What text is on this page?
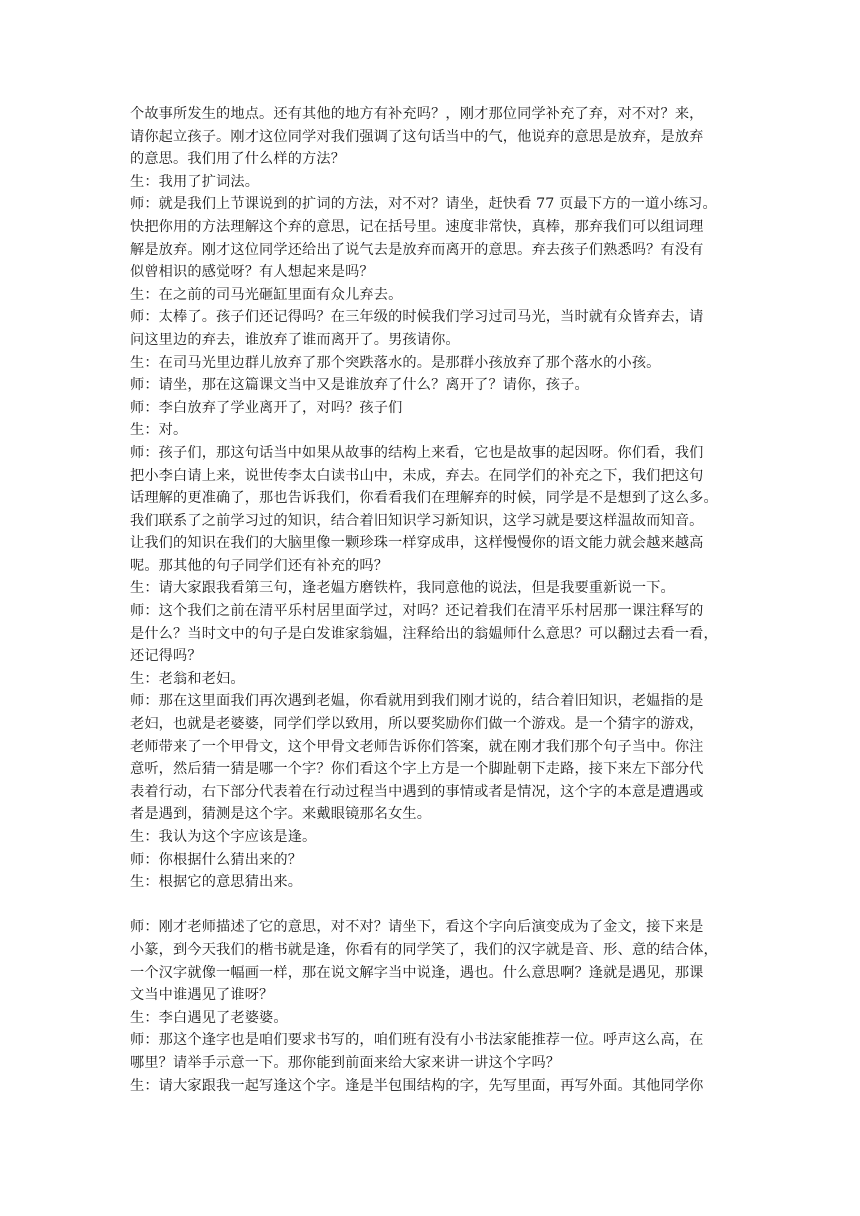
个故事所发生的地点。还有其他的地方有补充吗？，刚才那位同学补充了弃，对不对？来，
请你起立孩子。刚才这位同学对我们强调了这句话当中的气，他说弃的意思是放弃，是放弃
的意思。我们用了什么样的方法？
生：我用了扩词法。
师：就是我们上节课说到的扩词的方法，对不对？请坐，赶快看 77 页最下方的一道小练习。
快把你用的方法理解这个弃的意思，记在括号里。速度非常快，真棒，那弃我们可以组词理
解是放弃。刚才这位同学还给出了说气去是放弃而离开的意思。弃去孩子们熟悉吗？有没有
似曾相识的感觉呀？有人想起来是吗？
生：在之前的司马光砸缸里面有众儿弃去。
师：太棒了。孩子们还记得吗？在三年级的时候我们学习过司马光，当时就有众皆弃去，请
问这里边的弃去，谁放弃了谁而离开了。男孩请你。
生：在司马光里边群儿放弃了那个突跌落水的。是那群小孩放弃了那个落水的小孩。
师：请坐，那在这篇课文当中又是谁放弃了什么？离开了？请你，孩子。
师：李白放弃了学业离开了，对吗？孩子们
生：对。
师：孩子们，那这句话当中如果从故事的结构上来看，它也是故事的起因呀。你们看，我们
把小李白请上来，说世传李太白读书山中，未成，弃去。在同学们的补充之下，我们把这句
话理解的更准确了，那也告诉我们，你看看我们在理解弃的时候，同学是不是想到了这么多。
我们联系了之前学习过的知识，结合着旧知识学习新知识，这学习就是要这样温故而知音。
让我们的知识在我们的大脑里像一颗珍珠一样穿成串，这样慢慢你的语文能力就会越来越高
呢。那其他的句子同学们还有补充的吗？
生：请大家跟我看第三句，逢老媪方磨铁杵，我同意他的说法，但是我要重新说一下。
师：这个我们之前在清平乐村居里面学过，对吗？还记着我们在清平乐村居那一课注释写的
是什么？当时文中的句子是白发谁家翁媪，注释给出的翁媪师什么意思？可以翻过去看一看，
还记得吗？
生：老翁和老妇。
师：那在这里面我们再次遇到老媪，你看就用到我们刚才说的，结合着旧知识，老媪指的是
老妇，也就是老婆婆，同学们学以致用，所以要奖励你们做一个游戏。是一个猜字的游戏，
老师带来了一个甲骨文，这个甲骨文老师告诉你们答案，就在刚才我们那个句子当中。你注
意听，然后猜一猜是哪一个字？你们看这个字上方是一个脚趾朝下走路，接下来左下部分代
表着行动，右下部分代表着在行动过程当中遇到的事情或者是情况，这个字的本意是遭遇或
者是遇到，猜测是这个字。来戴眼镜那名女生。
生：我认为这个字应该是逢。
师：你根据什么猜出来的？
生：根据它的意思猜出来。
师：刚才老师描述了它的意思，对不对？请坐下，看这个字向后演变成为了金文，接下来是
小篆，到今天我们的楷书就是逢，你看有的同学笑了，我们的汉字就是音、形、意的结合体，
一个汉字就像一幅画一样，那在说文解字当中说逢，遇也。什么意思啊？逢就是遇见，那课
文当中谁遇见了谁呀？
生：李白遇见了老婆婆。
师：那这个逢字也是咱们要求书写的，咱们班有没有小书法家能推荐一位。呼声这么高，在
哪里？请举手示意一下。那你能到前面来给大家来讲一讲这个字吗？
生：请大家跟我一起写逢这个字。逢是半包围结构的字，先写里面，再写外面。其他同学你
